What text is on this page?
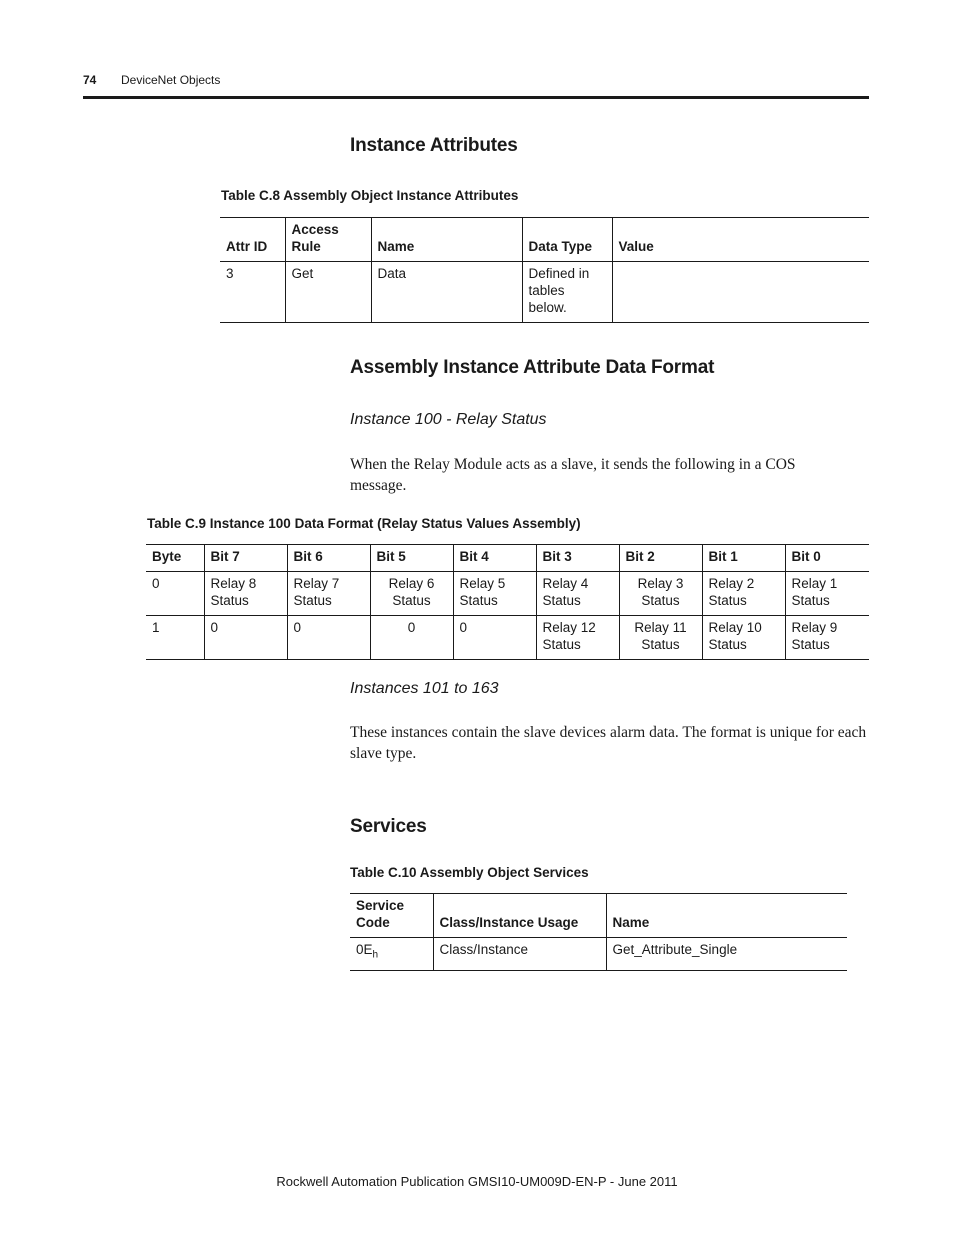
74 DeviceNet Objects
Instance Attributes

Table C.8 Assembly Object Instance Attributes

Attr ID	Access Rule	Name	Data Type	Value
3	Get	Data	Defined in tables below.	
Assembly Instance Attribute Data Format

Instance 100 - Relay Status

When the Relay Module acts as a slave, it sends the following in a COS message.

Table C.9 Instance 100 Data Format (Relay Status Values Assembly)

Byte	Bit 7	Bit 6	Bit 5	Bit 4	Bit 3	Bit 2	Bit 1	Bit 0
0	Relay 8 Status	Relay 7 Status	Relay 6 Status	Relay 5 Status	Relay 4 Status	Relay 3 Status	Relay 2 Status	Relay 1 Status
1	0	0	0	0	Relay 12 Status	Relay 11 Status	Relay 10 Status	Relay 9 Status

Instances 101 to 163

These instances contain the slave devices alarm data. The format is unique for each slave type.

Services

Table C.10 Assembly Object Services

Service Code	Class/Instance Usage	Name
$0E_h$	Class/Instance	Get_Attribute_Single
Rockwell Automation Publication GMSI10-UM009D-EN-P - June 2011
